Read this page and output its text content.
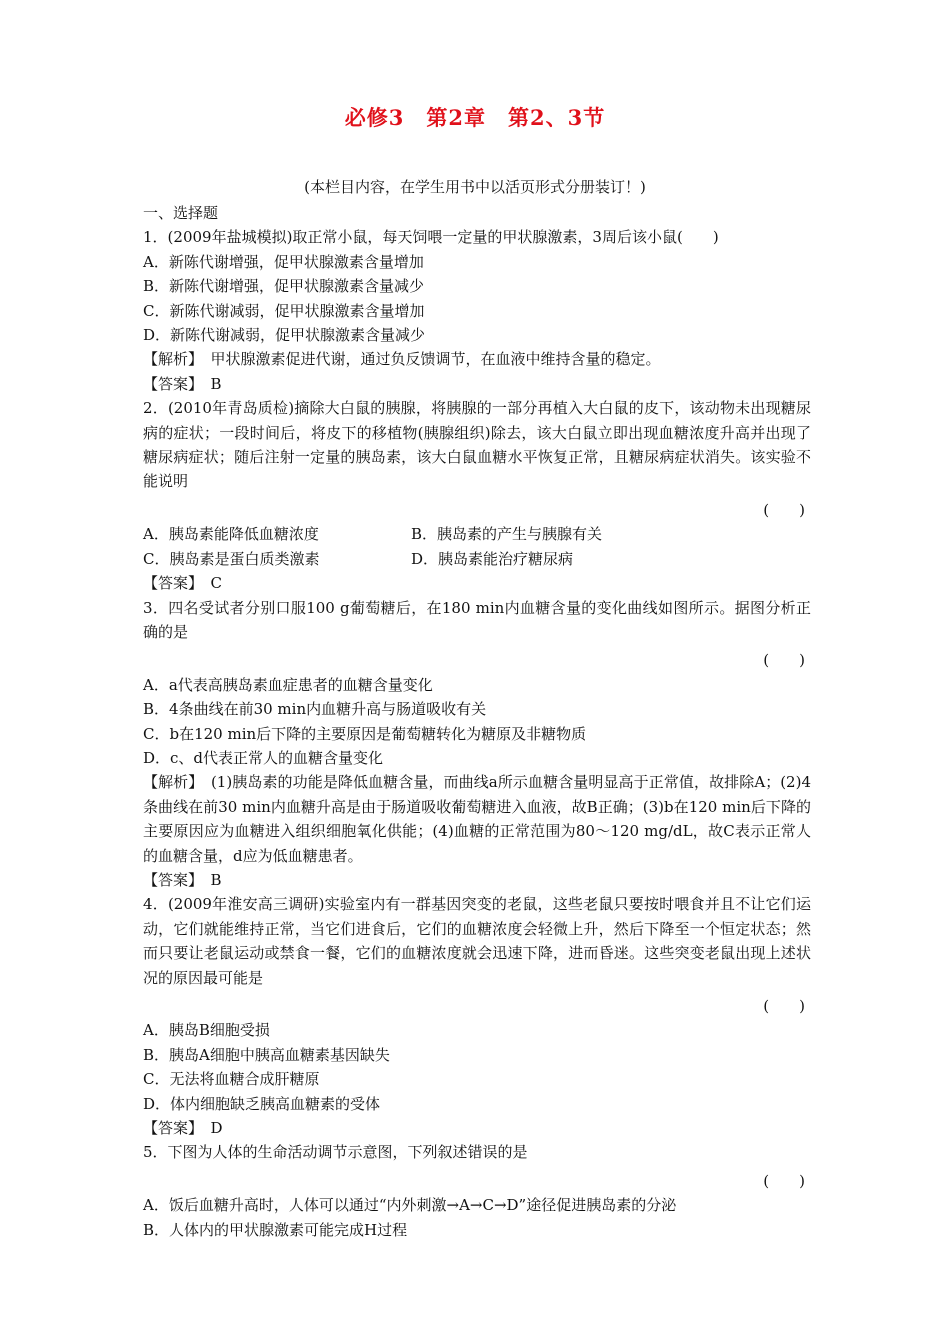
必修3　第2章　第2、3节
(本栏目内容，在学生用书中以活页形式分册装订！)
一、选择题
1．(2009年盐城模拟)取正常小鼠，每天饲喂一定量的甲状腺激素，3周后该小鼠(　　)
A．新陈代谢增强，促甲状腺激素含量增加
B．新陈代谢增强，促甲状腺激素含量减少
C．新陈代谢减弱，促甲状腺激素含量增加
D．新陈代谢减弱，促甲状腺激素含量减少
【解析】　甲状腺激素促进代谢，通过负反馈调节，在血液中维持含量的稳定。
【答案】　B
2．(2010年青岛质检)摘除大白鼠的胰腺，将胰腺的一部分再植入大白鼠的皮下，该动物未出现糖尿病的症状；一段时间后，将皮下的移植物(胰腺组织)除去，该大白鼠立即出现血糖浓度升高并出现了糖尿病症状；随后注射一定量的胰岛素，该大白鼠血糖水平恢复正常，且糖尿病症状消失。该实验不能说明
(　　)
A．胰岛素能降低血糖浓度	B．胰岛素的产生与胰腺有关
C．胰岛素是蛋白质类激素	D．胰岛素能治疗糖尿病
【答案】　C
3．四名受试者分别口服100 g葡萄糖后，在180 min内血糖含量的变化曲线如图所示。据图分析正确的是
(　　)
A．a代表高胰岛素血症患者的血糖含量变化
B．4条曲线在前30 min内血糖升高与肠道吸收有关
C．b在120 min后下降的主要原因是葡萄糖转化为糖原及非糖物质
D．c、d代表正常人的血糖含量变化
【解析】　(1)胰岛素的功能是降低血糖含量，而曲线a所示血糖含量明显高于正常值，故排除A；(2)4条曲线在前30 min内血糖升高是由于肠道吸收葡萄糖进入血液，故B正确；(3)b在120 min后下降的主要原因应为血糖进入组织细胞氧化供能；(4)血糖的正常范围为80～120 mg/dL，故C表示正常人的血糖含量，d应为低血糖患者。
【答案】　B
4．(2009年淮安高三调研)实验室内有一群基因突变的老鼠，这些老鼠只要按时喂食并且不让它们运动，它们就能维持正常，当它们进食后，它们的血糖浓度会轻微上升，然后下降至一个恒定状态；然而只要让老鼠运动或禁食一餐，它们的血糖浓度就会迅速下降，进而昏迷。这些突变老鼠出现上述状况的原因最可能是
(　　)
A．胰岛B细胞受损
B．胰岛A细胞中胰高血糖素基因缺失
C．无法将血糖合成肝糖原
D．体内细胞缺乏胰高血糖素的受体
【答案】　D
5．下图为人体的生命活动调节示意图，下列叙述错误的是
(　　)
A．饭后血糖升高时，人体可以通过“内外刺激→A→C→D”途径促进胰岛素的分泌
B．人体内的甲状腺激素可能完成H过程
